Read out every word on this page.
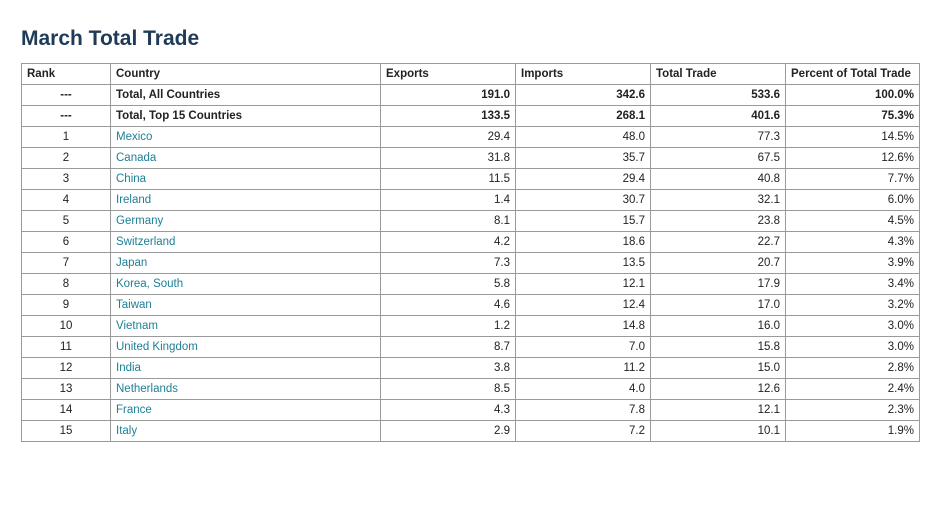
March Total Trade
Rank	Country	Exports	Imports	Total Trade	Percent of Total Trade
---	Total, All Countries	191.0	342.6	533.6	100.0%
---	Total, Top 15 Countries	133.5	268.1	401.6	75.3%
1	Mexico	29.4	48.0	77.3	14.5%
2	Canada	31.8	35.7	67.5	12.6%
3	China	11.5	29.4	40.8	7.7%
4	Ireland	1.4	30.7	32.1	6.0%
5	Germany	8.1	15.7	23.8	4.5%
6	Switzerland	4.2	18.6	22.7	4.3%
7	Japan	7.3	13.5	20.7	3.9%
8	Korea, South	5.8	12.1	17.9	3.4%
9	Taiwan	4.6	12.4	17.0	3.2%
10	Vietnam	1.2	14.8	16.0	3.0%
11	United Kingdom	8.7	7.0	15.8	3.0%
12	India	3.8	11.2	15.0	2.8%
13	Netherlands	8.5	4.0	12.6	2.4%
14	France	4.3	7.8	12.1	2.3%
15	Italy	2.9	7.2	10.1	1.9%
